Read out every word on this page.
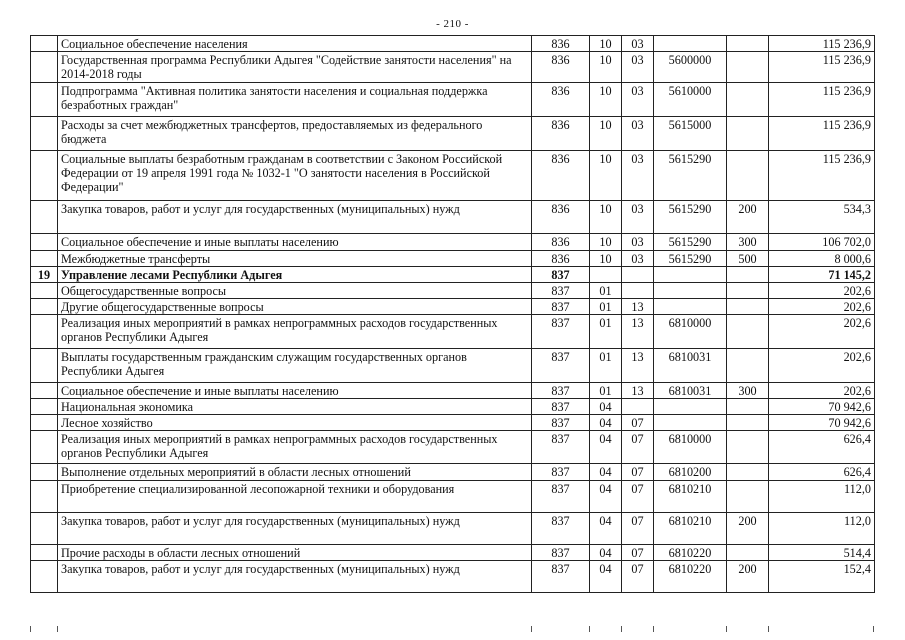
- 210 -
	Социальное обеспечение населения	836	10	03			115 236,9
	Государственная программа Республики Адыгея "Содействие занятости населения" на 2014-2018 годы	836	10	03	5600000		115 236,9
	Подпрограмма "Активная политика занятости населения и социальная поддержка безработных граждан"	836	10	03	5610000		115 236,9
	Расходы за счет межбюджетных трансфертов, предоставляемых из федерального бюджета	836	10	03	5615000		115 236,9
	Социальные выплаты безработным гражданам в соответствии с Законом Российской Федерации от 19 апреля 1991 года № 1032-1 "О занятости населения в Российской Федерации"	836	10	03	5615290		115 236,9
	Закупка товаров, работ и услуг для государственных (муниципальных) нужд	836	10	03	5615290	200	534,3
	Социальное обеспечение и иные выплаты населению	836	10	03	5615290	300	106 702,0
	Межбюджетные трансферты	836	10	03	5615290	500	8 000,6
19	Управление лесами Республики Адыгея	837					71 145,2
	Общегосударственные вопросы	837	01				202,6
	Другие общегосударственные вопросы	837	01	13			202,6
	Реализация иных мероприятий в рамках непрограммных расходов государственных органов Республики Адыгея	837	01	13	6810000		202,6
	Выплаты государственным гражданским служащим государственных органов Республики Адыгея	837	01	13	6810031		202,6
	Социальное обеспечение и иные выплаты населению	837	01	13	6810031	300	202,6
	Национальная экономика	837	04				70 942,6
	Лесное хозяйство	837	04	07			70 942,6
	Реализация иных мероприятий в рамках непрограммных расходов государственных органов Республики Адыгея	837	04	07	6810000		626,4
	Выполнение отдельных мероприятий в области лесных отношений	837	04	07	6810200		626,4
	Приобретение специализированной лесопожарной техники и оборудования	837	04	07	6810210		112,0
	Закупка товаров, работ и услуг для государственных (муниципальных) нужд	837	04	07	6810210	200	112,0
	Прочие расходы в области лесных отношений	837	04	07	6810220		514,4
	Закупка товаров, работ и услуг для государственных (муниципальных) нужд	837	04	07	6810220	200	152,4
